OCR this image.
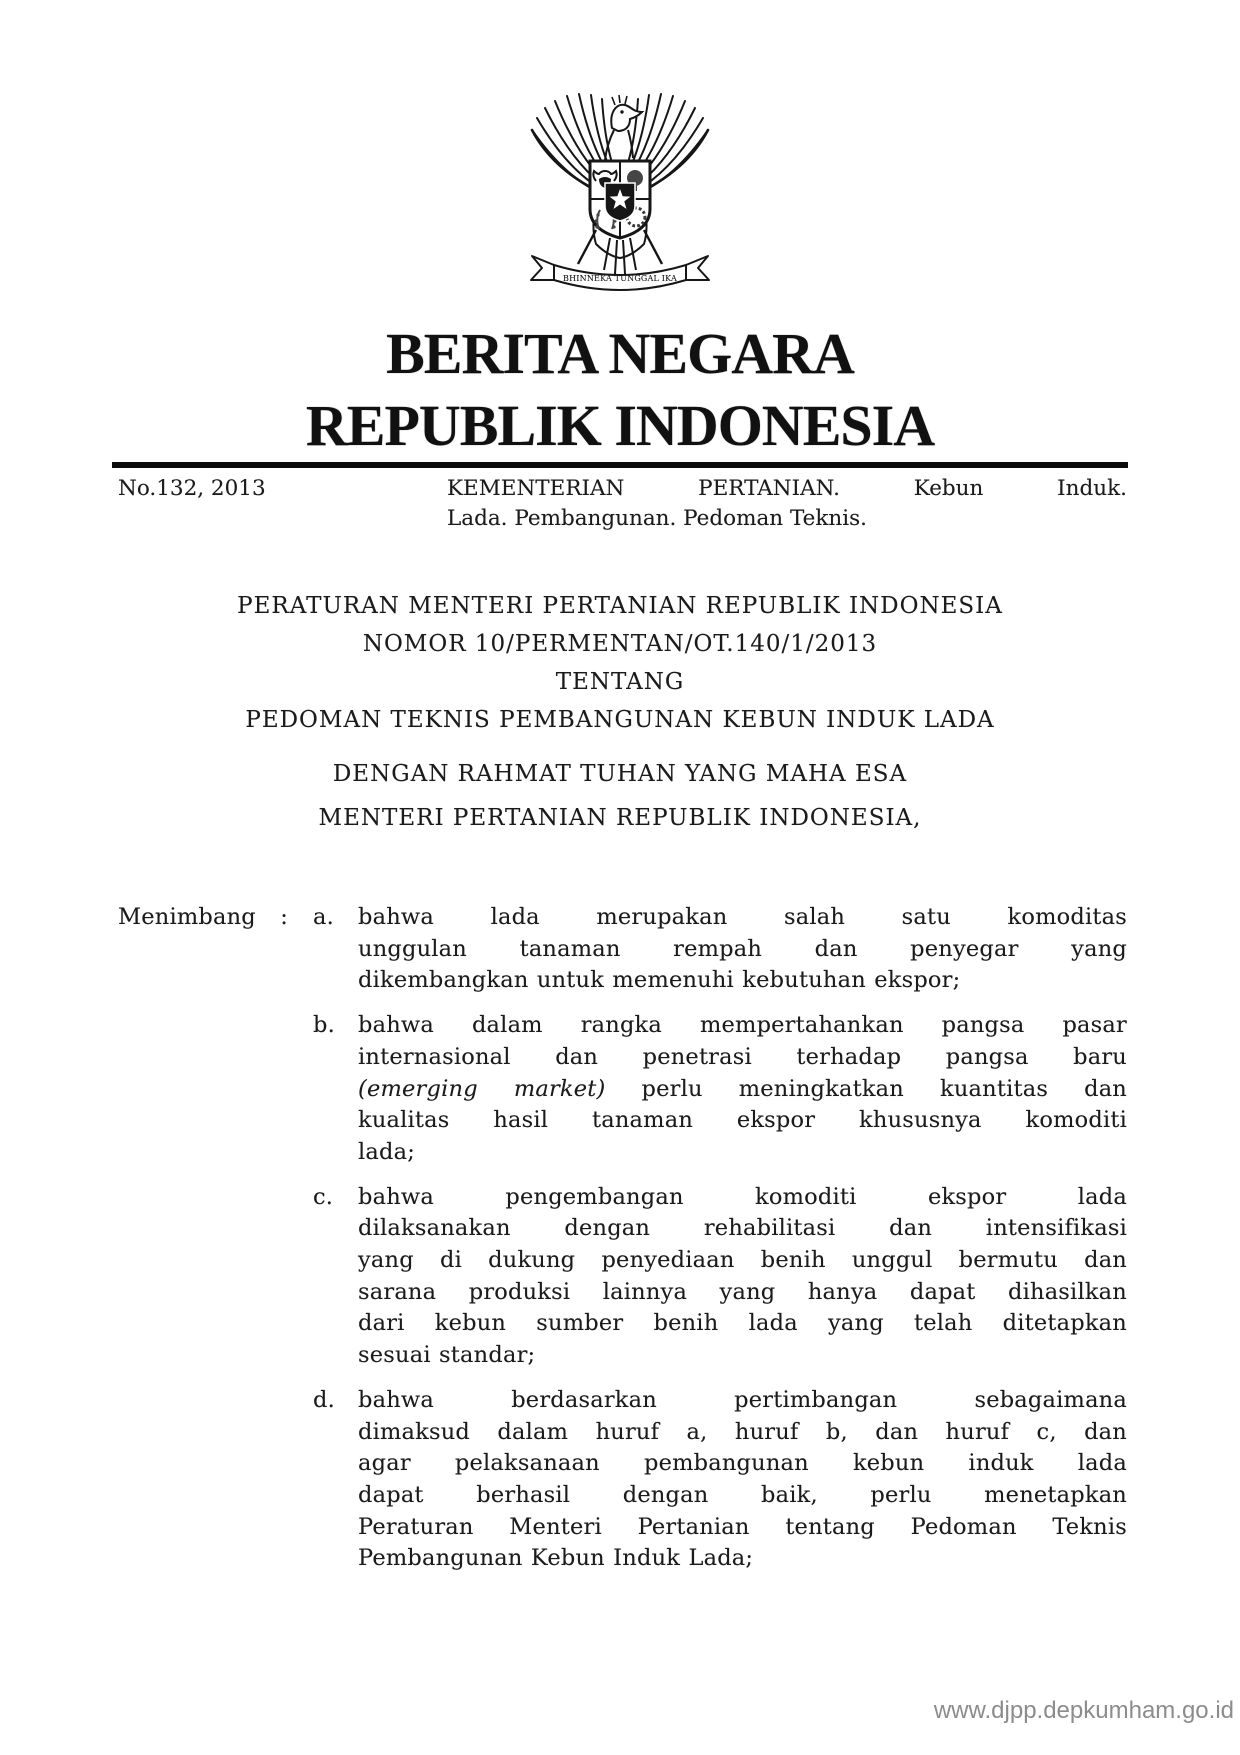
BHINNEKA TUNGGAL IKA
BERITA NEGARA
REPUBLIK INDONESIA
No.132, 2013	KEMENTERIAN PERTANIAN. Kebun Induk.
Lada. Pembangunan. Pedoman Teknis.
PERATURAN MENTERI PERTANIAN REPUBLIK INDONESIA
NOMOR 10/PERMENTAN/OT.140/1/2013
TENTANG
PEDOMAN TEKNIS PEMBANGUNAN KEBUN INDUK LADA
DENGAN RAHMAT TUHAN YANG MAHA ESA
MENTERI PERTANIAN REPUBLIK INDONESIA,
Menimbang : a. bahwa lada merupakan salah satu komoditas
unggulan tanaman rempah dan penyegar yang
dikembangkan untuk memenuhi kebutuhan ekspor;
b. bahwa dalam rangka mempertahankan pangsa pasar
internasional dan penetrasi terhadap pangsa baru
(emerging market) perlu meningkatkan kuantitas dan
kualitas hasil tanaman ekspor khususnya komoditi
lada;
c. bahwa pengembangan komoditi ekspor lada
dilaksanakan dengan rehabilitasi dan intensifikasi
yang di dukung penyediaan benih unggul bermutu dan
sarana produksi lainnya yang hanya dapat dihasilkan
dari kebun sumber benih lada yang telah ditetapkan
sesuai standar;
d. bahwa berdasarkan pertimbangan sebagaimana
dimaksud dalam huruf a, huruf b, dan huruf c, dan
agar pelaksanaan pembangunan kebun induk lada
dapat berhasil dengan baik, perlu menetapkan
Peraturan Menteri Pertanian tentang Pedoman Teknis
Pembangunan Kebun Induk Lada;
www.djpp.depkumham.go.id
